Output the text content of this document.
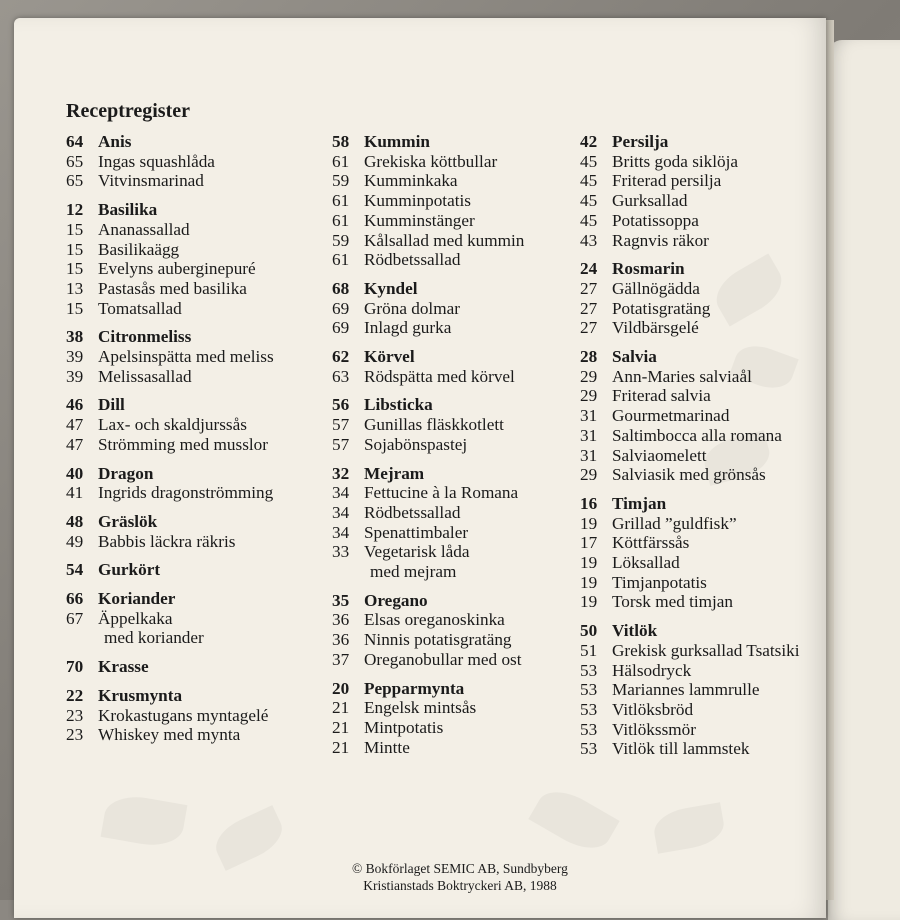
Receptregister
64 Anis
65 Ingas squashlåda
65 Vitvinsmarinad
12 Basilika
15 Ananassallad
15 Basilikaägg
15 Evelyns auberginepuré
13 Pastasås med basilika
15 Tomatsallad
38 Citronmeliss
39 Apelsinspätta med meliss
39 Melissasallad
46 Dill
47 Lax- och skaldjurssås
47 Strömming med musslor
40 Dragon
41 Ingrids dragonströmming
48 Gräslök
49 Babbis läckra räkris
54 Gurkört
66 Koriander
67 Äppelkaka
med koriander
70 Krasse
22 Krusmynta
23 Krokastugans myntagelé
23 Whiskey med mynta
58 Kummin
61 Grekiska köttbullar
59 Kumminkaka
61 Kumminpotatis
61 Kumminstänger
59 Kålsallad med kummin
61 Rödbetssallad
68 Kyndel
69 Gröna dolmar
69 Inlagd gurka
62 Körvel
63 Rödspätta med körvel
56 Libsticka
57 Gunillas fläskkotlett
57 Sojabönspastej
32 Mejram
34 Fettucine à la Romana
34 Rödbetssallad
34 Spenattimbaler
33 Vegetarisk låda
med mejram
35 Oregano
36 Elsas oreganoskinka
36 Ninnis potatisgratäng
37 Oreganobullar med ost
20 Pepparmynta
21 Engelsk mintsås
21 Mintpotatis
21 Mintte
42 Persilja
45 Britts goda siklöja
45 Friterad persilja
45 Gurksallad
45 Potatissoppa
43 Ragnvis räkor
24 Rosmarin
27 Gällnögädda
27 Potatisgratäng
27 Vildbärsgelé
28 Salvia
29 Ann-Maries salviaål
29 Friterad salvia
31 Gourmetmarinad
31 Saltimbocca alla romana
31 Salviaomelett
29 Salviasik med grönsås
16 Timjan
19 Grillad ”guldfisk”
17 Köttfärssås
19 Löksallad
19 Timjanpotatis
19 Torsk med timjan
50 Vitlök
51 Grekisk gurksallad Tsatsiki
53 Hälsodryck
53 Mariannes lammrulle
53 Vitlöksbröd
53 Vitlökssmör
53 Vitlök till lammstek
© Bokförlaget SEMIC AB, Sundbyberg
Kristianstads Boktryckeri AB, 1988
